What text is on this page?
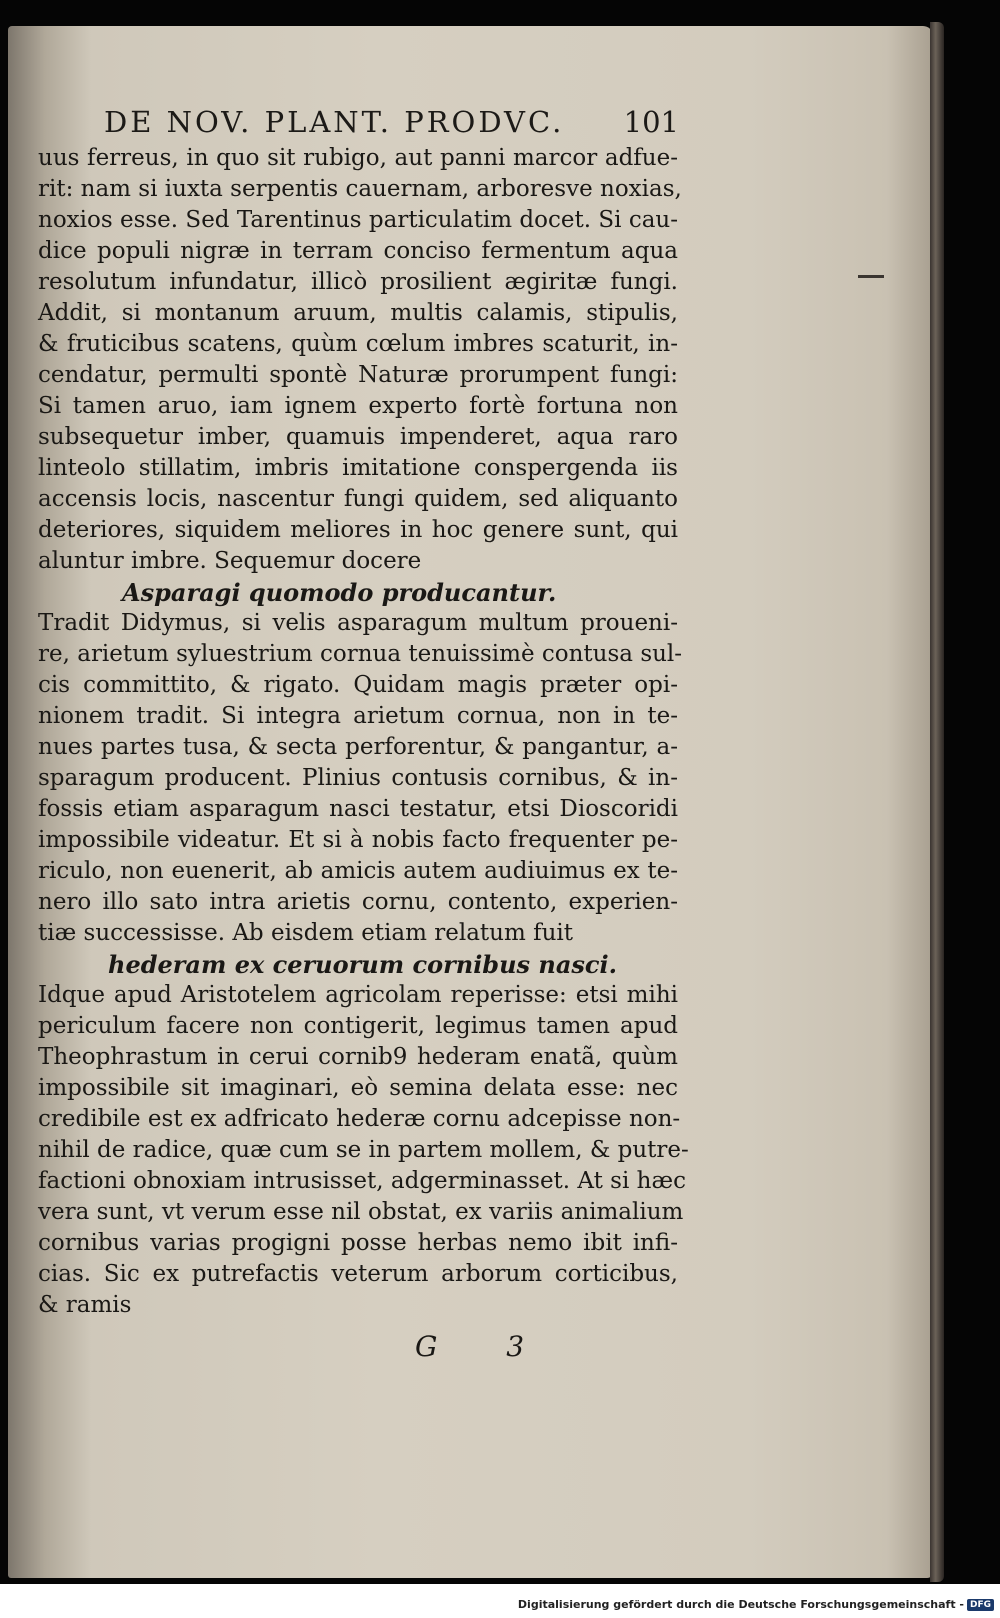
DE NOV. PLANT. PRODVC. 101
uus ferreus, in quo sit rubigo, aut panni marcor adfue-
rit: nam si iuxta serpentis cauernam, arboresve noxias,
noxios esse. Sed Tarentinus particulatim docet. Si cau-
dice populi nigræ in terram conciso fermentum aqua
resolutum infundatur, illicò prosilient ægiritæ fungi.
Addit, si montanum aruum, multis calamis, stipulis,
& fruticibus scatens, quùm cœlum imbres scaturit, in-
cendatur, permulti spontè Naturæ prorumpent fungi:
Si tamen aruo, iam ignem experto fortè fortuna non
subsequetur imber, quamuis impenderet, aqua raro
linteolo stillatim, imbris imitatione conspergenda iis
accensis locis, nascentur fungi quidem, sed aliquanto
deteriores, siquidem meliores in hoc genere sunt, qui
aluntur imbre. Sequemur docere
Asparagi quomodo producantur.
Tradit Didymus, si velis asparagum multum proueni-
re, arietum syluestrium cornua tenuissimè contusa sul-
cis committito, & rigato. Quidam magis præter opi-
nionem tradit. Si integra arietum cornua, non in te-
nues partes tusa, & secta perforentur, & pangantur, a-
sparagum producent. Plinius contusis cornibus, & in-
fossis etiam asparagum nasci testatur, etsi Dioscoridi
impossibile videatur. Et si à nobis facto frequenter pe-
riculo, non euenerit, ab amicis autem audiuimus ex te-
nero illo sato intra arietis cornu, contento, experien-
tiæ successisse. Ab eisdem etiam relatum fuit
hederam ex ceruorum cornibus nasci.
Idque apud Aristotelem agricolam reperisse: etsi mihi
periculum facere non contigerit, legimus tamen apud
Theophrastum in cerui cornib9 hederam enatã, quùm
impossibile sit imaginari, eò semina delata esse: nec
credibile est ex adfricato hederæ cornu adcepisse non-
nihil de radice, quæ cum se in partem mollem, & putre-
factioni obnoxiam intrusisset, adgerminasset. At si hæc
vera sunt, vt verum esse nil obstat, ex variis animalium
cornibus varias progigni posse herbas nemo ibit infi-
cias. Sic ex putrefactis veterum arborum corticibus,
& ramis
G 3
Digitalisierung gefördert durch die Deutsche Forschungsgemeinschaft - DFG
